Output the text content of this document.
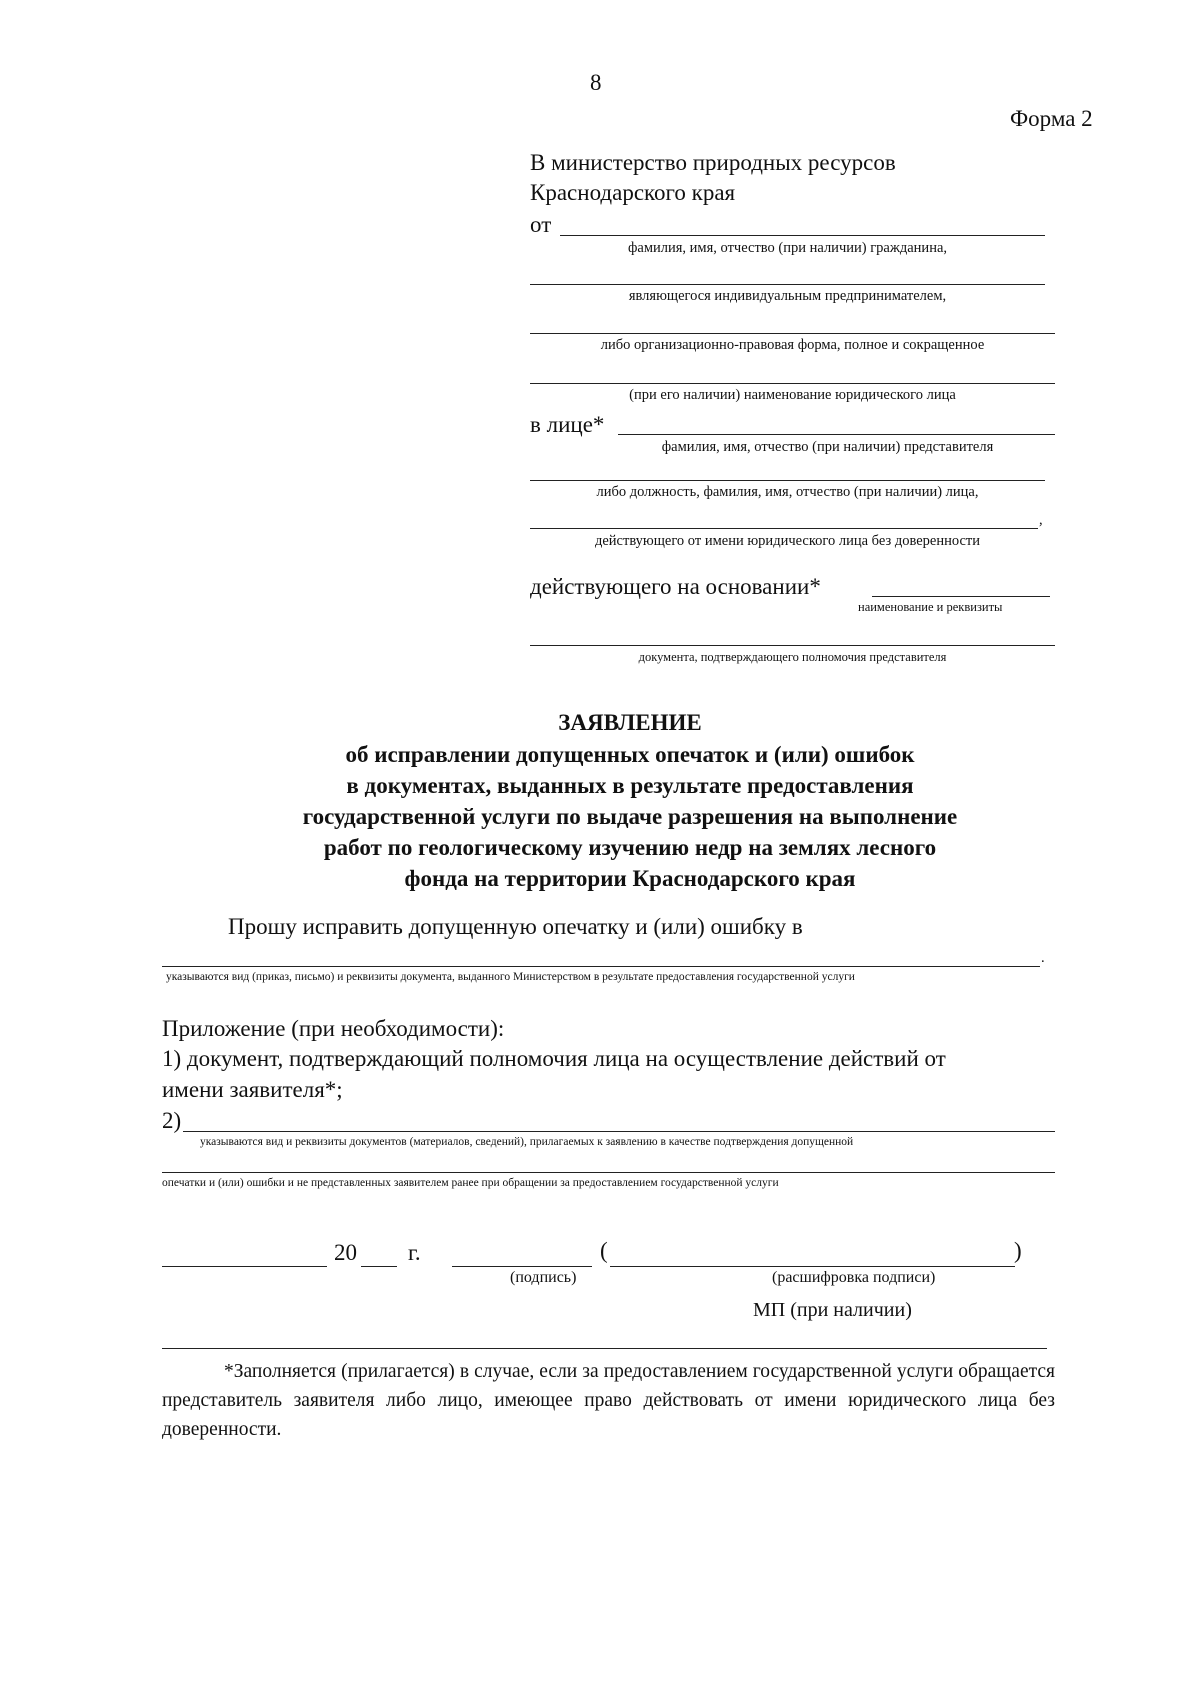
8
Форма 2
В министерство природных ресурсов
Краснодарского края
от
фамилия, имя, отчество (при наличии) гражданина,
являющегося индивидуальным предпринимателем,
либо организационно-правовая форма, полное и сокращенное
(при его наличии) наименование юридического лица
в лице*
фамилия, имя, отчество (при наличии) представителя
либо должность, фамилия, имя, отчество (при наличии) лица,
,
действующего от имени юридического лица без доверенности
действующего на основании*
наименование и реквизиты
документа, подтверждающего полномочия представителя
ЗАЯВЛЕНИЕ
об исправлении допущенных опечаток и (или) ошибок
в документах, выданных в результате предоставления
государственной услуги по выдаче разрешения на выполнение
работ по геологическому изучению недр на землях лесного
фонда на территории Краснодарского края
Прошу исправить допущенную опечатку и (или) ошибку в
.
указываются вид (приказ, письмо) и реквизиты документа, выданного Министерством в результате предоставления государственной услуги
Приложение (при необходимости):
1) документ, подтверждающий полномочия лица на осуществление действий от
имени заявителя*;
2)
указываются вид и реквизиты документов (материалов, сведений), прилагаемых к заявлению в качестве подтверждения допущенной
опечатки и (или) ошибки и не представленных заявителем ранее при обращении за предоставлением государственной услуги
20 г.	(	)
(подпись)	(расшифровка подписи)
МП (при наличии)
*Заполняется (прилагается) в случае, если за предоставлением государственной услуги обращается представитель заявителя либо лицо, имеющее право действовать от имени юридического лица без доверенности.
